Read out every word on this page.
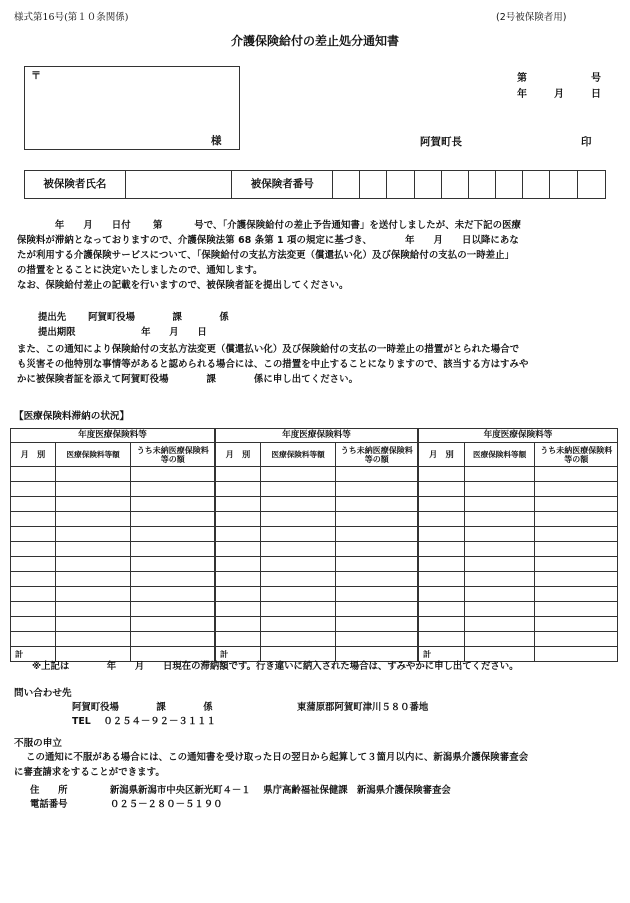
様式第16号(第１０条関係)	(2号被保険者用)
介護保険給付の差止処分通知書
〒
様
第	号
年	月	日
阿賀町長	印
被保険者氏名		被保険者番号										

　　　　年　　月　　日付　　 第　　　 号で、「介護保険給付の差止予告通知書」を送付しましたが、未だ下記の医療

保険料が滞納となっておりますので、介護保険法第 68 条第 1 項の規定に基づき、　　　　年　　月　　日以降にあな

たが利用する介護保険サービスについて、「保険給付の支払方法変更（償還払い化）及び保険給付の支払の一時差止」

の措置をとることに決定いたしましたので、通知します。

なお、保険給付差止の記載を行いますので、被保険者証を提出してください。

提出先　　 阿賀町役場　　　　課　　　　係
提出期限　　　　　　　年　　月　　日

また、この通知により保険給付の支払方法変更（償還払い化）及び保険給付の支払の一時差止の措置がとられた場合で

も災害その他特別な事情等があると認められる場合には、この措置を中止することになりますので、該当する方はすみや

かに被保険者証を添えて阿賀町役場　　　　課　　　　係に申し出てください。

【医療保険料滞納の状況】
年度医療保険料等		
月　別	医療保険料等額	うち未納医療保険料等の額

計		
年度医療保険料等		
月　別	医療保険料等額	うち未納医療保険料等の額

計		
年度医療保険料等		
月　別	医療保険料等額	うち未納医療保険料等の額

計		
※上記は　　　　年　　月　　日現在の滞納額です。行き違いに納入された場合は、すみやかに申し出てください。
問い合わせ先
阿賀町役場　　　　課　　　　係	東蒲原郡阿賀町津川５８０番地
TEL　 ０２５４－９２－３１１１
不服の申立

この通知に不服がある場合には、この通知書を受け取った日の翌日から起算して３箇月以内に、新潟県介護保険審査会

に審査請求をすることができます。

住　　所	新潟県新潟市中央区新光町４－１　 県庁高齢福祉保健課　新潟県介護保険審査会
電話番号	０２５－２８０－５１９０
